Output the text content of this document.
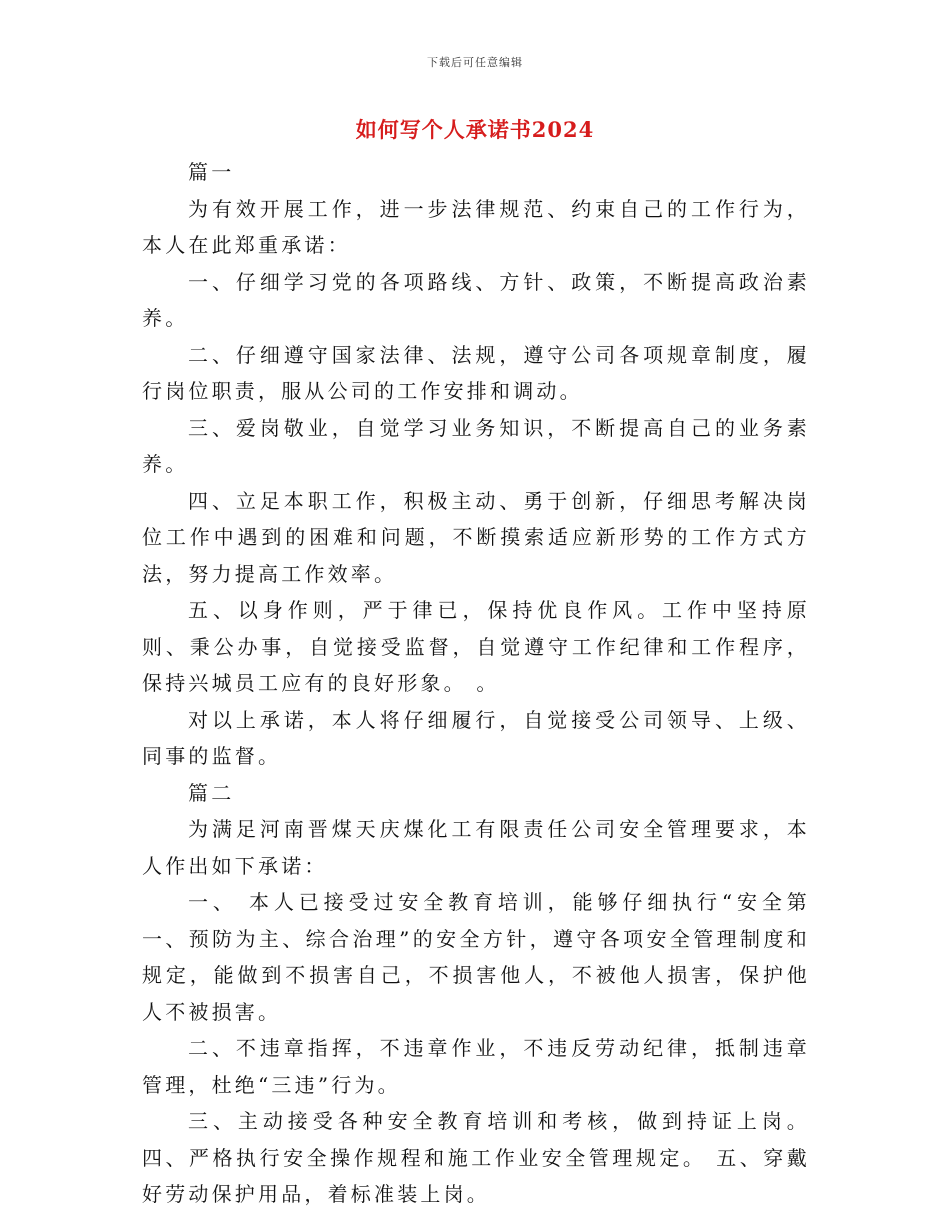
下载后可任意编辑
如何写个人承诺书2024

篇一

为有效开展工作，进一步法律规范、约束自己的工作行为，本人在此郑重承诺：

一、仔细学习党的各项路线、方针、政策，不断提高政治素养。

二、仔细遵守国家法律、法规，遵守公司各项规章制度，履行岗位职责，服从公司的工作安排和调动。

三、爱岗敬业，自觉学习业务知识，不断提高自己的业务素养。

四、立足本职工作，积极主动、勇于创新，仔细思考解决岗位工作中遇到的困难和问题，不断摸索适应新形势的工作方式方法，努力提高工作效率。

五、以身作则，严于律已，保持优良作风。工作中坚持原则、秉公办事，自觉接受监督，自觉遵守工作纪律和工作程序，保持兴城员工应有的良好形象。 。

对以上承诺，本人将仔细履行，自觉接受公司领导、上级、同事的监督。

篇二

为满足河南晋煤天庆煤化工有限责任公司安全管理要求，本人作出如下承诺：

一、 本人已接受过安全教育培训，能够仔细执行“安全第一、预防为主、综合治理”的安全方针，遵守各项安全管理制度和规定，能做到不损害自己，不损害他人，不被他人损害，保护他人不被损害。

二、不违章指挥，不违章作业，不违反劳动纪律，抵制违章管理，杜绝“三违”行为。

三、主动接受各种安全教育培训和考核，做到持证上岗。 四、严格执行安全操作规程和施工作业安全管理规定。 五、穿戴好劳动保护用品，着标准装上岗。
